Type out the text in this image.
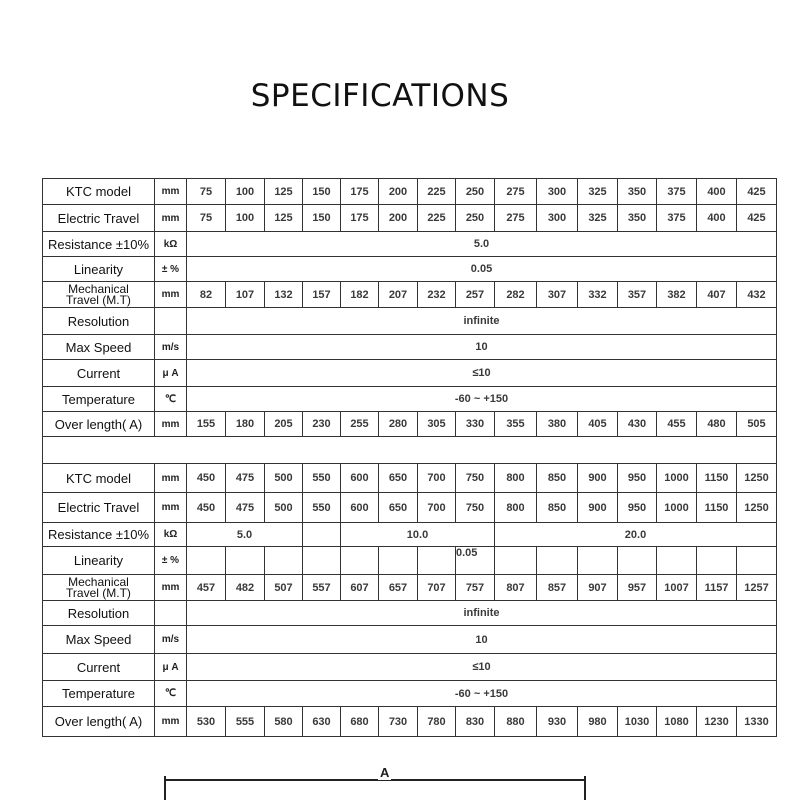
SPECIFICATIONS
KTC model	mm	75	100	125	150	175	200	225	250	275	300	325	350	375	400	425
Electric Travel	mm	75	100	125	150	175	200	225	250	275	300	325	350	375	400	425
Resistance ±10%	kΩ	5.0														
Linearity	± %	0.05														

Mechanical
Travel (M.T)	mm	82	107	132	157	182	207	232	257	282	307	332	357	382	407	432
Resolution		infinite														
Max Speed	m/s	10														
Current	μ A	≤10														
Temperature	℃	-60 ~ +150														
Over length( A)	mm	155	180	205	230	255	280	305	330	355	380	405	430	455	480	505

KTC model	mm	450	475	500	550	600	650	700	750	800	850	900	950	1000	1150	1250
Electric Travel	mm	450	475	500	550	600	650	700	750	800	850	900	950	1000	1150	1250
Resistance ±10%	kΩ	5.0				10.0				20.0						
Linearity	± %								0.05							

Mechanical
Travel (M.T)	mm	457	482	507	557	607	657	707	757	807	857	907	957	1007	1157	1257
Resolution		infinite														
Max Speed	m/s	10														
Current	μ A	≤10														
Temperature	℃	-60 ~ +150														
Over length( A)	mm	530	555	580	630	680	730	780	830	880	930	980	1030	1080	1230	1330
A
